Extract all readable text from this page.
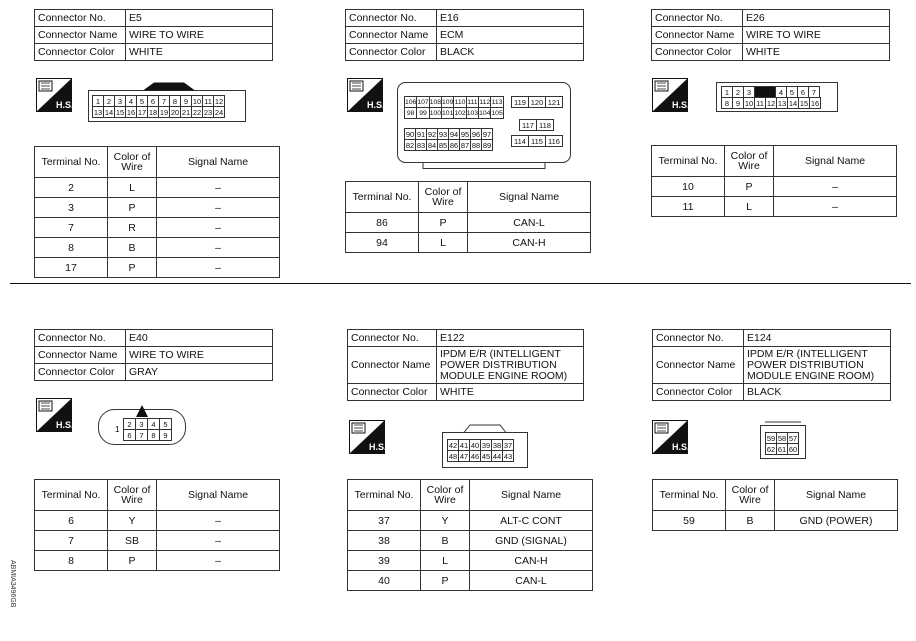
Connector No.	E5
Connector Name	WIRE TO WIRE
Connector Color	WHITE
H.S.	1	2	3	4	5	6	7	8	9	10	11	12
13	14	15	16	17	18	19	20	21	22	23	24
Terminal No.	Color of
Wire	Signal Name
2	L	–
3	P	–
7	R	–
8	B	–
17	P	–
Connector No.	E16
Connector Name	ECM
Connector Color	BLACK
H.S.	106	107	108	109	110	111	112	113
98	99	100	101	102	103	104	105
90	91	92	93	94	95	96	97
82	83	84	85	86	87	88	89
119	120	121
117	118
114	115	116
Terminal No.	Color of
Wire	Signal Name
86	P	CAN-L
94	L	CAN-H
Connector No.	E26
Connector Name	WIRE TO WIRE
Connector Color	WHITE
H.S.
1	2	3		4	5	6	7
8	9	10	11	12	13	14	15	16
Terminal No.	Color of
Wire	Signal Name
10	P	–
11	L	–
Connector No.	E40
Connector Name	WIRE TO WIRE
Connector Color	GRAY
H.S.	1
2	3	4	5
6	7	8	9
Terminal No.	Color of
Wire	Signal Name
6	Y	–
7	SB	–
8	P	–
Connector No.	E122
Connector Name	IPDM E/R (INTELLIGENT
POWER DISTRIBUTION
MODULE ENGINE ROOM)
Connector Color	WHITE
H.S.	42	41	40	39	38	37
48	47	46	45	44	43
Terminal No.	Color of
Wire	Signal Name
37	Y	ALT-C CONT
38	B	GND (SIGNAL)
39	L	CAN-H
40	P	CAN-L
Connector No.	E124
Connector Name	IPDM E/R (INTELLIGENT
POWER DISTRIBUTION
MODULE ENGINE ROOM)
Connector Color	BLACK
H.S.
59	58	57
62	61	60
Terminal No.	Color of
Wire	Signal Name
59	B	GND (POWER)
ABMIA3496GB
